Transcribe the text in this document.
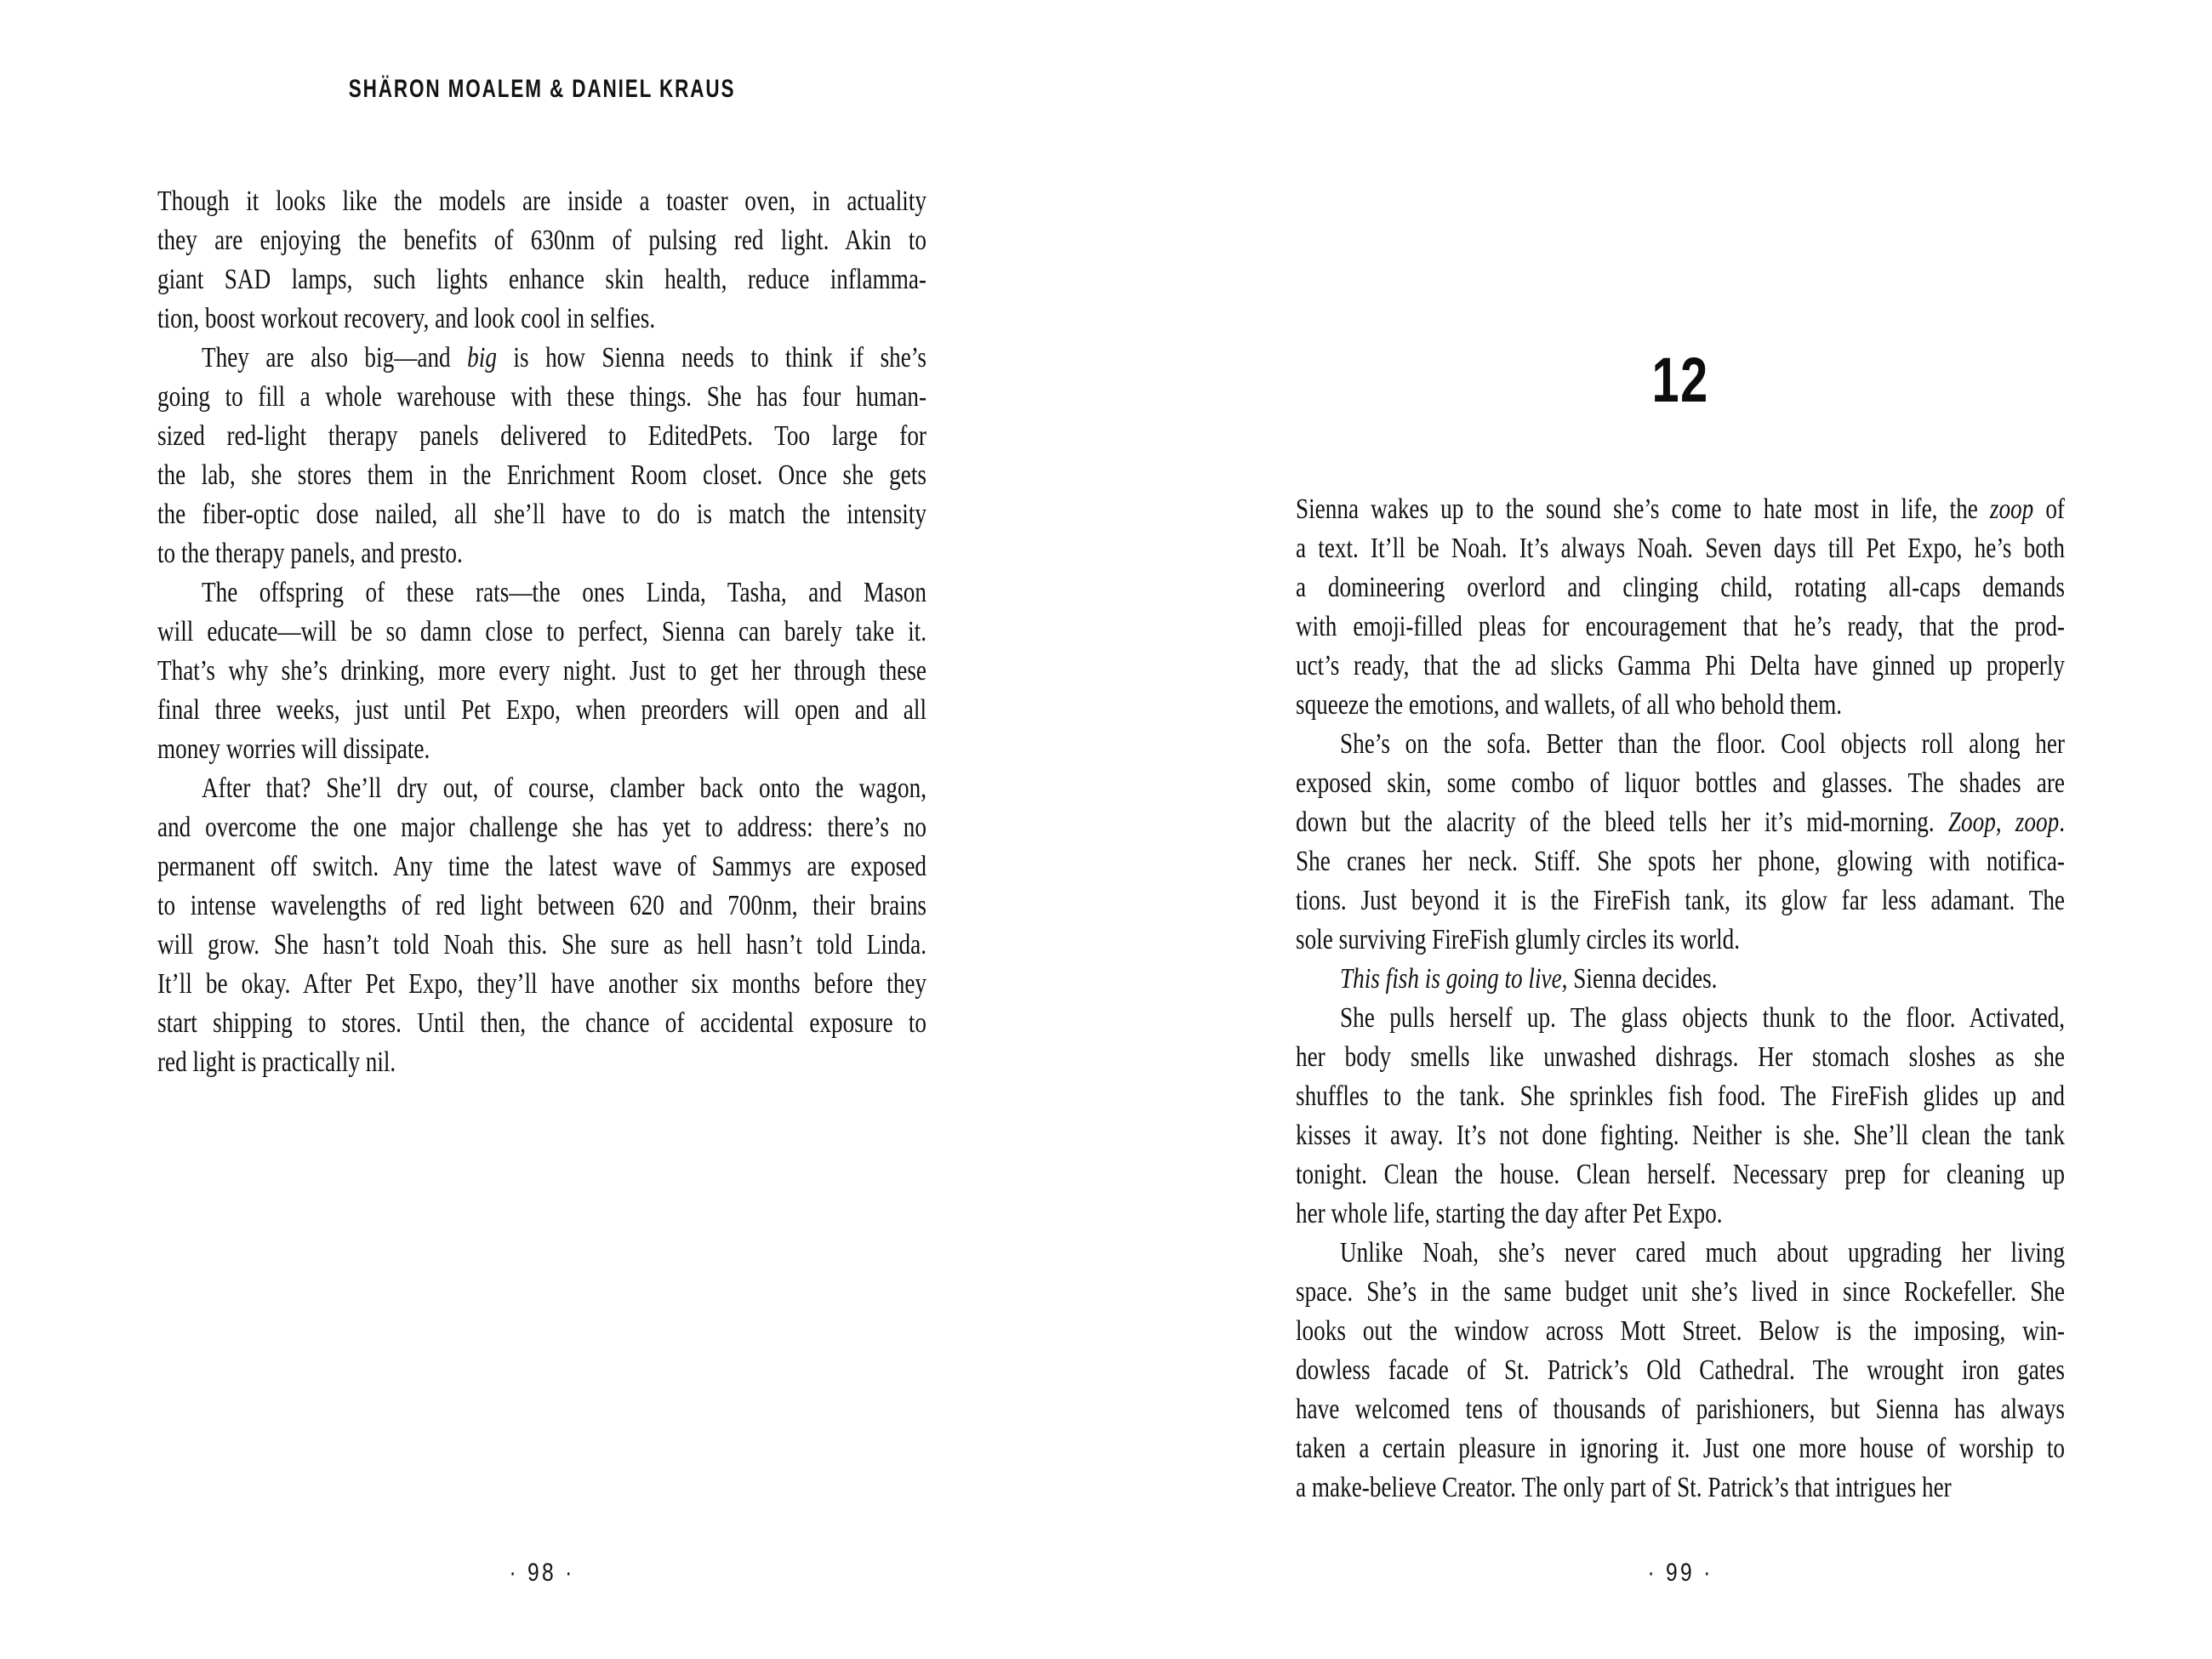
SHÄRON MOALEM & DANIEL KRAUS
Though it looks like the models are inside a toaster oven, in actuality
they are enjoying the benefits of 630nm of pulsing red light. Akin to
giant SAD lamps, such lights enhance skin health, reduce inflamma-
tion, boost workout recovery, and look cool in selfies.
They are also big—and big is how Sienna needs to think if she’s
going to fill a whole warehouse with these things. She has four human-
sized red-light therapy panels delivered to EditedPets. Too large for
the lab, she stores them in the Enrichment Room closet. Once she gets
the fiber-optic dose nailed, all she’ll have to do is match the intensity
to the therapy panels, and presto.
The offspring of these rats—the ones Linda, Tasha, and Mason
will educate—will be so damn close to perfect, Sienna can barely take it.
That’s why she’s drinking, more every night. Just to get her through these
final three weeks, just until Pet Expo, when preorders will open and all
money worries will dissipate.
After that? She’ll dry out, of course, clamber back onto the wagon,
and overcome the one major challenge she has yet to address: there’s no
permanent off switch. Any time the latest wave of Sammys are exposed
to intense wavelengths of red light between 620 and 700nm, their brains
will grow. She hasn’t told Noah this. She sure as hell hasn’t told Linda.
It’ll be okay. After Pet Expo, they’ll have another six months before they
start shipping to stores. Until then, the chance of accidental exposure to
red light is practically nil.
· 98 ·
12
Sienna wakes up to the sound she’s come to hate most in life, the zoop of
a text. It’ll be Noah. It’s always Noah. Seven days till Pet Expo, he’s both
a domineering overlord and clinging child, rotating all-caps demands
with emoji-filled pleas for encouragement that he’s ready, that the prod-
uct’s ready, that the ad slicks Gamma Phi Delta have ginned up properly
squeeze the emotions, and wallets, of all who behold them.
She’s on the sofa. Better than the floor. Cool objects roll along her
exposed skin, some combo of liquor bottles and glasses. The shades are
down but the alacrity of the bleed tells her it’s mid-morning. Zoop, zoop.
She cranes her neck. Stiff. She spots her phone, glowing with notifica-
tions. Just beyond it is the FireFish tank, its glow far less adamant. The
sole surviving FireFish glumly circles its world.
This fish is going to live, Sienna decides.
She pulls herself up. The glass objects thunk to the floor. Activated,
her body smells like unwashed dishrags. Her stomach sloshes as she
shuffles to the tank. She sprinkles fish food. The FireFish glides up and
kisses it away. It’s not done fighting. Neither is she. She’ll clean the tank
tonight. Clean the house. Clean herself. Necessary prep for cleaning up
her whole life, starting the day after Pet Expo.
Unlike Noah, she’s never cared much about upgrading her living
space. She’s in the same budget unit she’s lived in since Rockefeller. She
looks out the window across Mott Street. Below is the imposing, win-
dowless facade of St. Patrick’s Old Cathedral. The wrought iron gates
have welcomed tens of thousands of parishioners, but Sienna has always
taken a certain pleasure in ignoring it. Just one more house of worship to
a make-believe Creator. The only part of St. Patrick’s that intrigues her
· 99 ·
